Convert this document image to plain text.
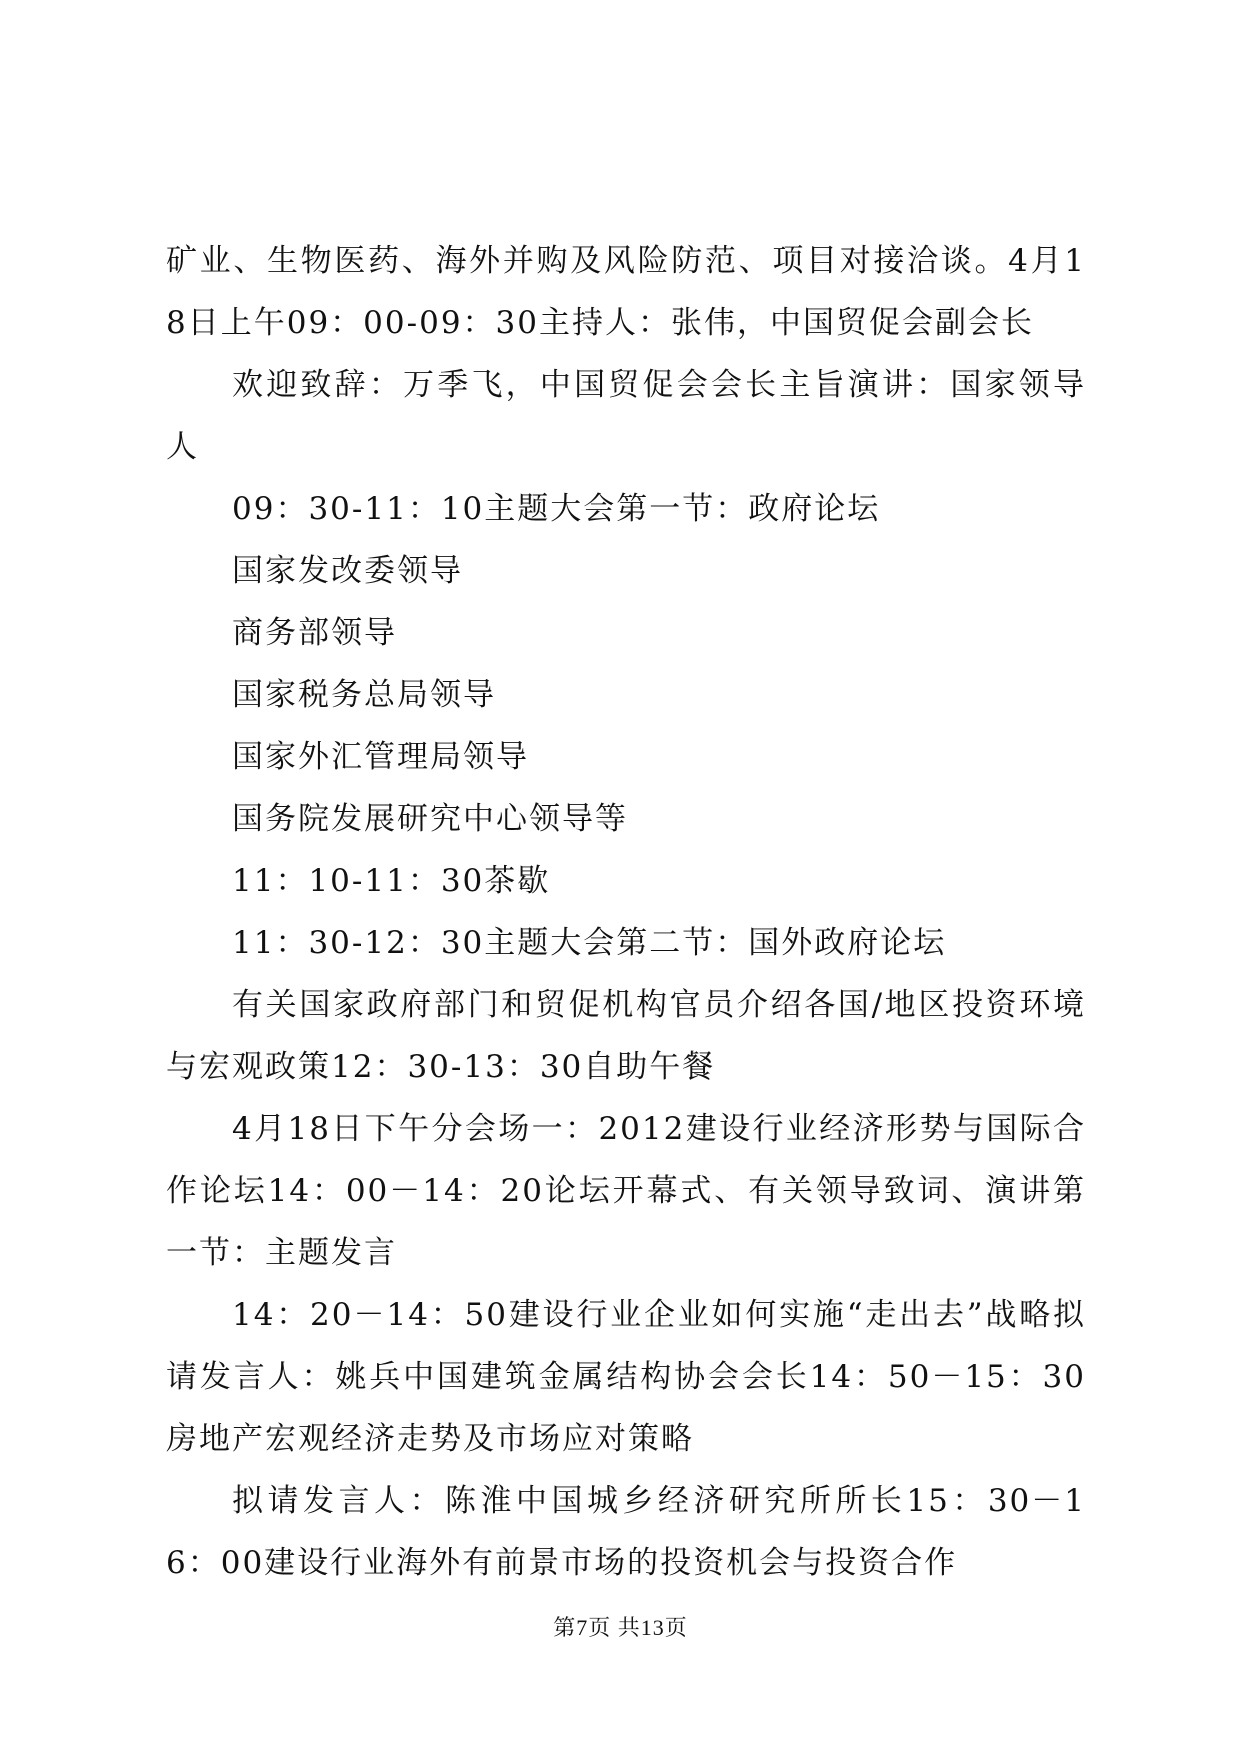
矿业、生物医药、海外并购及风险防范、项目对接洽谈。4月18日上午09：00-09：30主持人：张伟，中国贸促会副会长

欢迎致辞：万季飞，中国贸促会会长主旨演讲：国家领导人

09：30-11：10主题大会第一节：政府论坛

国家发改委领导

商务部领导

国家税务总局领导

国家外汇管理局领导

国务院发展研究中心领导等

11：10-11：30茶歇

11：30-12：30主题大会第二节：国外政府论坛

有关国家政府部门和贸促机构官员介绍各国/地区投资环境与宏观政策12：30-13：30自助午餐

4月18日下午分会场一：2012建设行业经济形势与国际合作论坛14：00－14：20论坛开幕式、有关领导致词、演讲第一节：主题发言

14：20－14：50建设行业企业如何实施“走出去”战略拟请发言人：姚兵中国建筑金属结构协会会长14：50－15：30房地产宏观经济走势及市场应对策略

拟请发言人：陈淮中国城乡经济研究所所长15：30－16：00建设行业海外有前景市场的投资机会与投资合作

第7页 共13页
